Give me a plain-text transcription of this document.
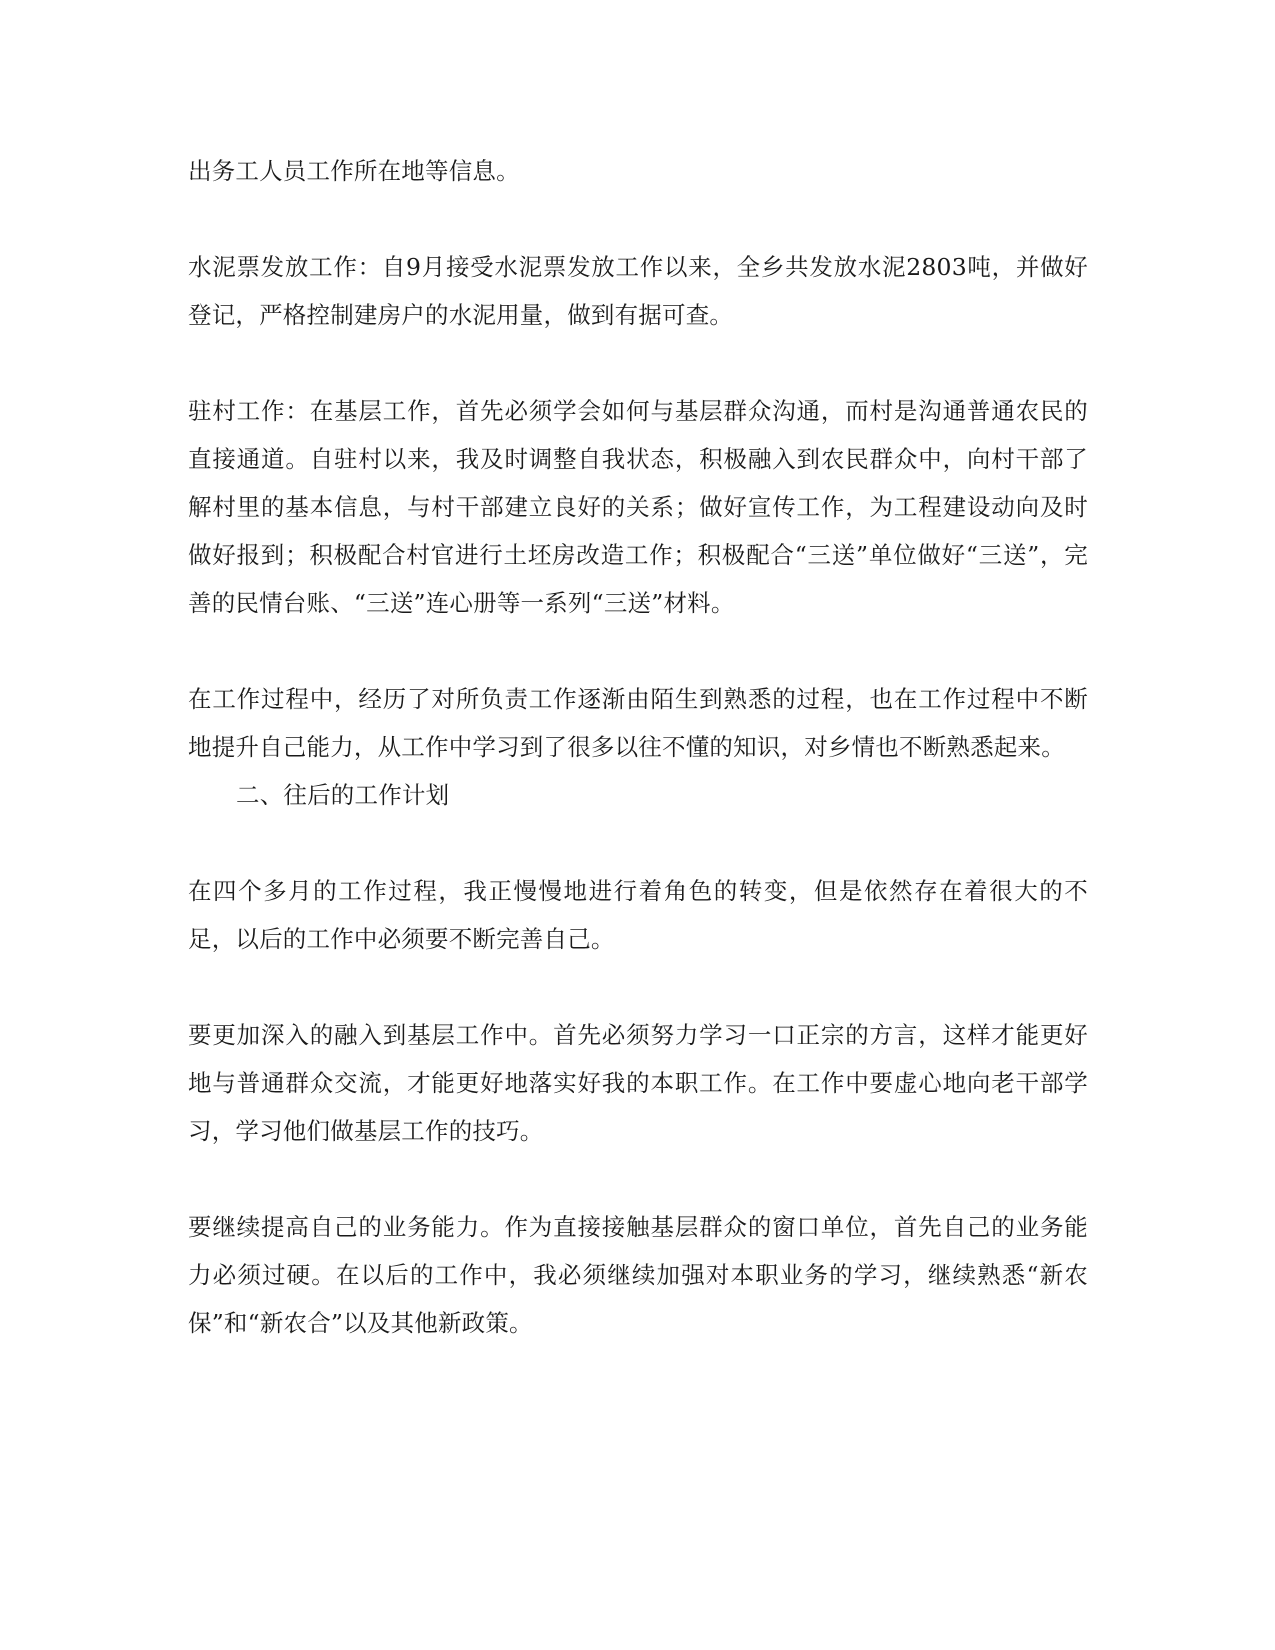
出务工人员工作所在地等信息。

水泥票发放工作：自9月接受水泥票发放工作以来，全乡共发放水泥2803吨，并做好登记，严格控制建房户的水泥用量，做到有据可查。

驻村工作：在基层工作，首先必须学会如何与基层群众沟通，而村是沟通普通农民的直接通道。自驻村以来，我及时调整自我状态，积极融入到农民群众中，向村干部了解村里的基本信息，与村干部建立良好的关系；做好宣传工作，为工程建设动向及时做好报到；积极配合村官进行土坯房改造工作；积极配合“三送”单位做好“三送”，完善的民情台账、“三送”连心册等一系列“三送”材料。

在工作过程中，经历了对所负责工作逐渐由陌生到熟悉的过程，也在工作过程中不断地提升自己能力，从工作中学习到了很多以往不懂的知识，对乡情也不断熟悉起来。

二、往后的工作计划

在四个多月的工作过程，我正慢慢地进行着角色的转变，但是依然存在着很大的不足，以后的工作中必须要不断完善自己。

要更加深入的融入到基层工作中。首先必须努力学习一口正宗的方言，这样才能更好地与普通群众交流，才能更好地落实好我的本职工作。在工作中要虚心地向老干部学习，学习他们做基层工作的技巧。

要继续提高自己的业务能力。作为直接接触基层群众的窗口单位，首先自己的业务能力必须过硬。在以后的工作中，我必须继续加强对本职业务的学习，继续熟悉“新农保”和“新农合”以及其他新政策。
